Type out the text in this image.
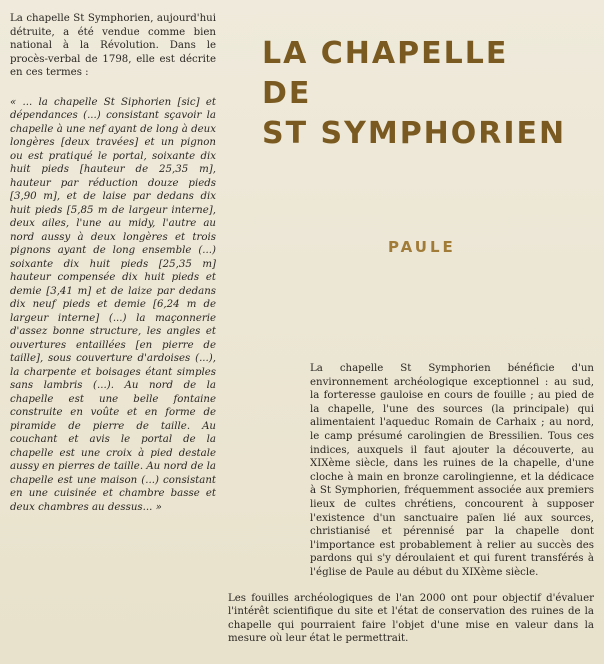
La chapelle St Symphorien, aujourd'hui détruite, a été vendue comme bien national à la Révolution. Dans le procès-verbal de 1798, elle est décrite en ces termes :

« ... la chapelle St Siphorien [sic] et dépendances (...) consistant sçavoir la chapelle à une nef ayant de long à deux longères [deux travées] et un pignon ou est pratiqué le portal, soixante dix huit pieds [hauteur de 25,35 m], hauteur par réduction douze pieds [3,90 m], et de laise par dedans dix huit pieds [5,85 m de largeur interne], deux ailes, l'une au midy, l'autre au nord aussy à deux longères et trois pignons ayant de long ensemble (...) soixante dix huit pieds [25,35 m] hauteur compensée dix huit pieds et demie [3,41 m] et de laize par dedans dix neuf pieds et demie [6,24 m de largeur interne] (...) la maçonnerie d'assez bonne structure, les angles et ouvertures entaillées [en pierre de taille], sous couverture d'ardoises (...), la charpente et boisages étant simples sans lambris (...). Au nord de la chapelle est une belle fontaine construite en voûte et en forme de piramide de pierre de taille. Au couchant et avis le portal de la chapelle est une croix à pied destale aussy en pierres de taille. Au nord de la chapelle est une maison (...) consistant en une cuisinée et chambre basse et deux chambres au dessus... »

LA CHAPELLE
DE
ST SYMPHORIEN
PAULE

La chapelle St Symphorien bénéficie d'un environnement archéologique exceptionnel : au sud, la forteresse gauloise en cours de fouille ; au pied de la chapelle, l'une des sources (la principale) qui alimentaient l'aqueduc Romain de Carhaix ; au nord, le camp présumé carolingien de Bressilien. Tous ces indices, auxquels il faut ajouter la découverte, au XIXème siècle, dans les ruines de la chapelle, d'une cloche à main en bronze carolingienne, et la dédicace à St Symphorien, fréquemment associée aux premiers lieux de cultes chrétiens, concourent à supposer l'existence d'un sanctuaire païen lié aux sources, christianisé et pérennisé par la chapelle dont l'importance est probablement à relier au succès des pardons qui s'y déroulaient et qui furent transférés à l'église de Paule au début du XIXème siècle.

Les fouilles archéologiques de l'an 2000 ont pour objectif d'évaluer l'intérêt scientifique du site et l'état de conservation des ruines de la chapelle qui pourraient faire l'objet d'une mise en valeur dans la mesure où leur état le permettrait.
